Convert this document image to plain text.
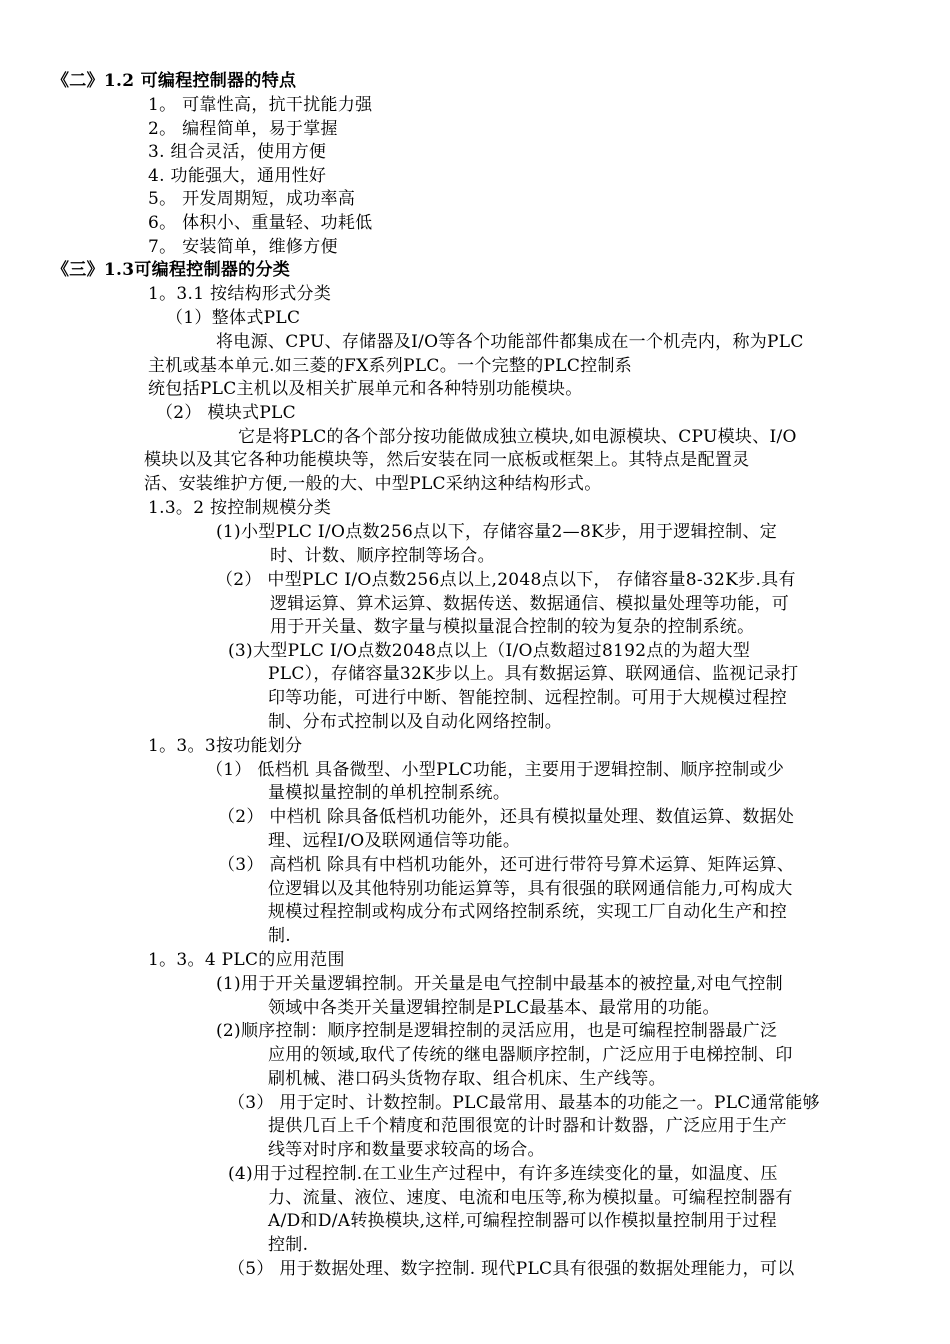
《二》1.2 可编程控制器的特点
1。 可靠性高，抗干扰能力强
2。 编程简单，易于掌握
3. 组合灵活，使用方便
4. 功能强大，通用性好
5。 开发周期短，成功率高
6。 体积小、重量轻、功耗低
7。 安装简单，维修方便
《三》1.3可编程控制器的分类
1。3.1 按结构形式分类
（1）整体式PLC
将电源、CPU、存储器及I/O等各个功能部件都集成在一个机壳内，称为PLC
主机或基本单元.如三菱的FX系列PLC。一个完整的PLC控制系
统包括PLC主机以及相关扩展单元和各种特别功能模块。
（2） 模块式PLC
它是将PLC的各个部分按功能做成独立模块,如电源模块、CPU模块、I/O
模块以及其它各种功能模块等，然后安装在同一底板或框架上。其特点是配置灵
活、安装维护方便,一般的大、中型PLC采纳这种结构形式。
1.3。2 按控制规模分类
(1)小型PLC I/O点数256点以下，存储容量2—8K步，用于逻辑控制、定
时、计数、顺序控制等场合。
（2） 中型PLC I/O点数256点以上,2048点以下， 存储容量8-32K步.具有
逻辑运算、算术运算、数据传送、数据通信、模拟量处理等功能，可
用于开关量、数字量与模拟量混合控制的较为复杂的控制系统。
(3)大型PLC I/O点数2048点以上（I/O点数超过8192点的为超大型
PLC），存储容量32K步以上。具有数据运算、联网通信、监视记录打
印等功能，可进行中断、智能控制、远程控制。可用于大规模过程控
制、分布式控制以及自动化网络控制。
1。3。3按功能划分
（1） 低档机 具备微型、小型PLC功能，主要用于逻辑控制、顺序控制或少
量模拟量控制的单机控制系统。
（2） 中档机 除具备低档机功能外，还具有模拟量处理、数值运算、数据处
理、远程I/O及联网通信等功能。
（3） 高档机 除具有中档机功能外，还可进行带符号算术运算、矩阵运算、
位逻辑以及其他特别功能运算等，具有很强的联网通信能力,可构成大
规模过程控制或构成分布式网络控制系统，实现工厂自动化生产和控
制.
1。3。4 PLC的应用范围
(1)用于开关量逻辑控制。开关量是电气控制中最基本的被控量,对电气控制
领域中各类开关量逻辑控制是PLC最基本、最常用的功能。
(2)顺序控制：顺序控制是逻辑控制的灵活应用，也是可编程控制器最广泛
应用的领域,取代了传统的继电器顺序控制，广泛应用于电梯控制、印
刷机械、港口码头货物存取、组合机床、生产线等。
（3） 用于定时、计数控制。PLC最常用、最基本的功能之一。PLC通常能够
提供几百上千个精度和范围很宽的计时器和计数器，广泛应用于生产
线等对时序和数量要求较高的场合。
(4)用于过程控制.在工业生产过程中，有许多连续变化的量，如温度、压
力、流量、液位、速度、电流和电压等,称为模拟量。可编程控制器有
A/D和D/A转换模块,这样,可编程控制器可以作模拟量控制用于过程
控制.
（5） 用于数据处理、数字控制. 现代PLC具有很强的数据处理能力，可以
